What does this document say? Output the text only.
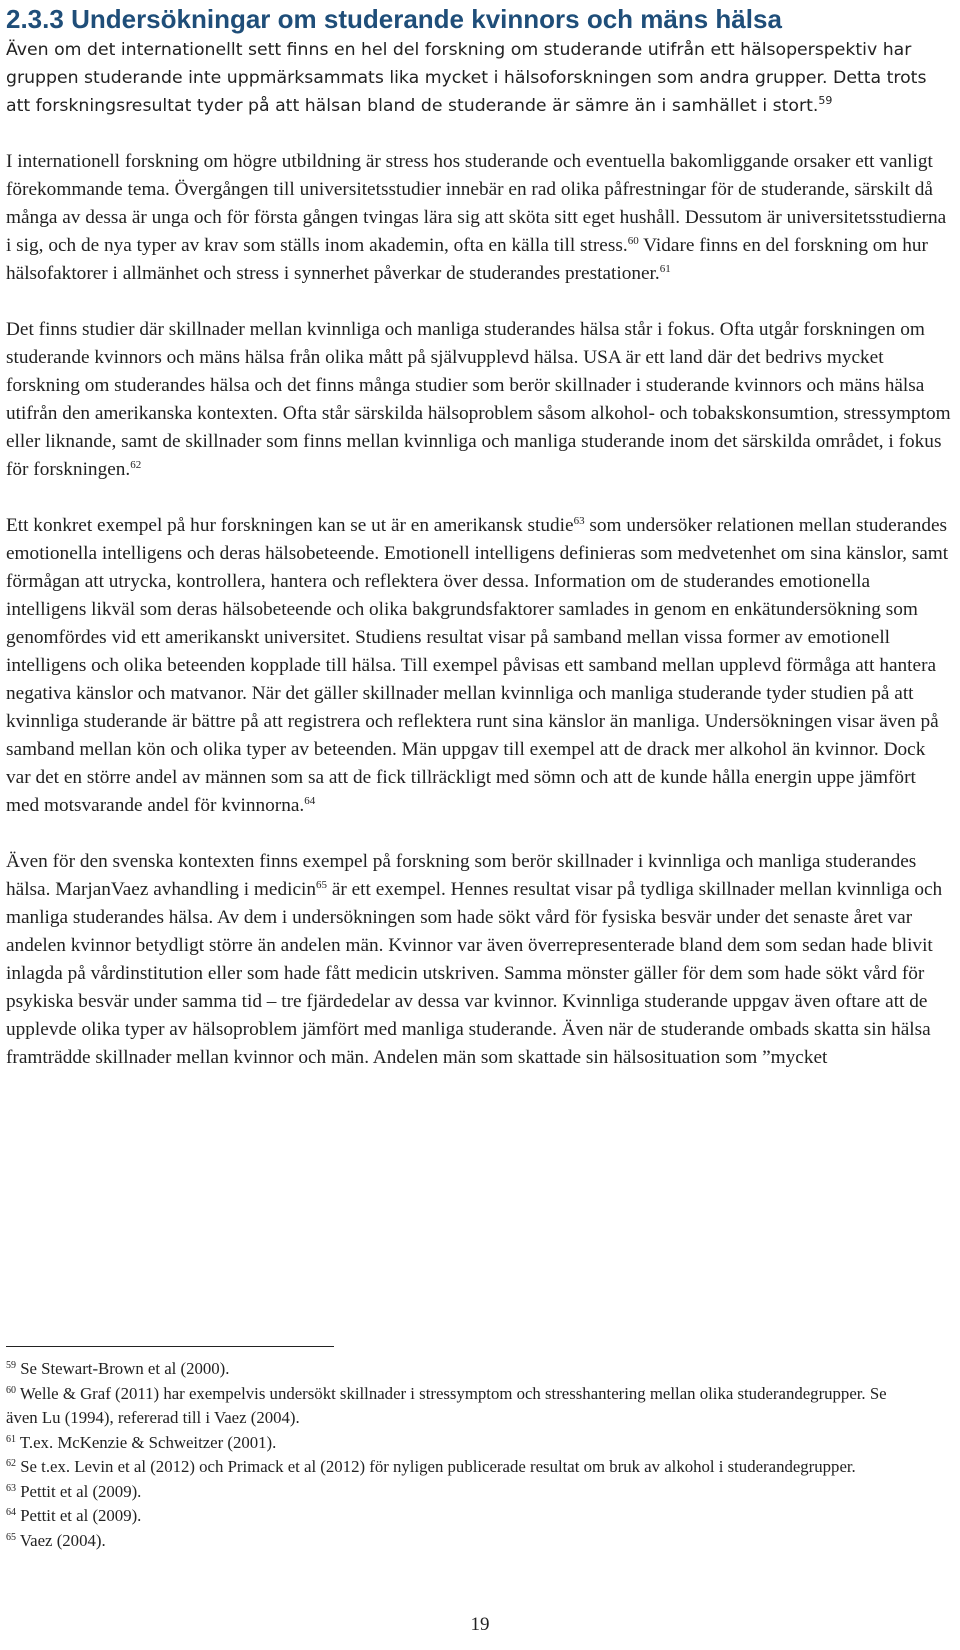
2.3.3 Undersökningar om studerande kvinnors och mäns hälsa

Även om det internationellt sett finns en hel del forskning om studerande utifrån ett hälsoperspektiv har gruppen studerande inte uppmärksammats lika mycket i hälsoforskningen som andra grupper. Detta trots att forskningsresultat tyder på att hälsan bland de studerande är sämre än i samhället i stort.$^{59}$

I internationell forskning om högre utbildning är stress hos studerande och eventuella bakomliggande orsaker ett vanligt förekommande tema. Övergången till universitetsstudier innebär en rad olika påfrestningar för de studerande, särskilt då många av dessa är unga och för första gången tvingas lära sig att sköta sitt eget hushåll. Dessutom är universitetsstudierna i sig, och de nya typer av krav som ställs inom akademin, ofta en källa till stress.$^{60}$ Vidare finns en del forskning om hur hälsofaktorer i allmänhet och stress i synnerhet påverkar de studerandes prestationer.$^{61}$

Det finns studier där skillnader mellan kvinnliga och manliga studerandes hälsa står i fokus. Ofta utgår forskningen om studerande kvinnors och mäns hälsa från olika mått på självupplevd hälsa. USA är ett land där det bedrivs mycket forskning om studerandes hälsa och det finns många studier som berör skillnader i studerande kvinnors och mäns hälsa utifrån den amerikanska kontexten. Ofta står särskilda hälsoproblem såsom alkohol- och tobakskonsumtion, stressymptom eller liknande, samt de skillnader som finns mellan kvinnliga och manliga studerande inom det särskilda området, i fokus för forskningen.$^{62}$

Ett konkret exempel på hur forskningen kan se ut är en amerikansk studie$^{63}$ som undersöker relationen mellan studerandes emotionella intelligens och deras hälsobeteende. Emotionell intelligens definieras som medvetenhet om sina känslor, samt förmågan att utrycka, kontrollera, hantera och reflektera över dessa. Information om de studerandes emotionella intelligens likväl som deras hälsobeteende och olika bakgrundsfaktorer samlades in genom en enkätundersökning som genomfördes vid ett amerikanskt universitet. Studiens resultat visar på samband mellan vissa former av emotionell intelligens och olika beteenden kopplade till hälsa. Till exempel påvisas ett samband mellan upplevd förmåga att hantera negativa känslor och matvanor. När det gäller skillnader mellan kvinnliga och manliga studerande tyder studien på att kvinnliga studerande är bättre på att registrera och reflektera runt sina känslor än manliga. Undersökningen visar även på samband mellan kön och olika typer av beteenden. Män uppgav till exempel att de drack mer alkohol än kvinnor. Dock var det en större andel av männen som sa att de fick tillräckligt med sömn och att de kunde hålla energin uppe jämfört med motsvarande andel för kvinnorna.$^{64}$

Även för den svenska kontexten finns exempel på forskning som berör skillnader i kvinnliga och manliga studerandes hälsa. MarjanVaez avhandling i medicin$^{65}$ är ett exempel. Hennes resultat visar på tydliga skillnader mellan kvinnliga och manliga studerandes hälsa. Av dem i undersökningen som hade sökt vård för fysiska besvär under det senaste året var andelen kvinnor betydligt större än andelen män. Kvinnor var även överrepresenterade bland dem som sedan hade blivit inlagda på vårdinstitution eller som hade fått medicin utskriven. Samma mönster gäller för dem som hade sökt vård för psykiska besvär under samma tid – tre fjärdedelar av dessa var kvinnor. Kvinnliga studerande uppgav även oftare att de upplevde olika typer av hälsoproblem jämfört med manliga studerande. Även när de studerande ombads skatta sin hälsa framträdde skillnader mellan kvinnor och män. Andelen män som skattade sin hälsosituation som ”mycket

$^{59}$ Se Stewart-Brown et al (2000).

$^{60}$ Welle & Graf (2011) har exempelvis undersökt skillnader i stressymptom och stresshantering mellan olika studerandegrupper. Se även Lu (1994), refererad till i Vaez (2004).

$^{61}$ T.ex. McKenzie & Schweitzer (2001).

$^{62}$ Se t.ex. Levin et al (2012) och Primack et al (2012) för nyligen publicerade resultat om bruk av alkohol i studerandegrupper.

$^{63}$ Pettit et al (2009).

$^{64}$ Pettit et al (2009).

$^{65}$ Vaez (2004).

19
